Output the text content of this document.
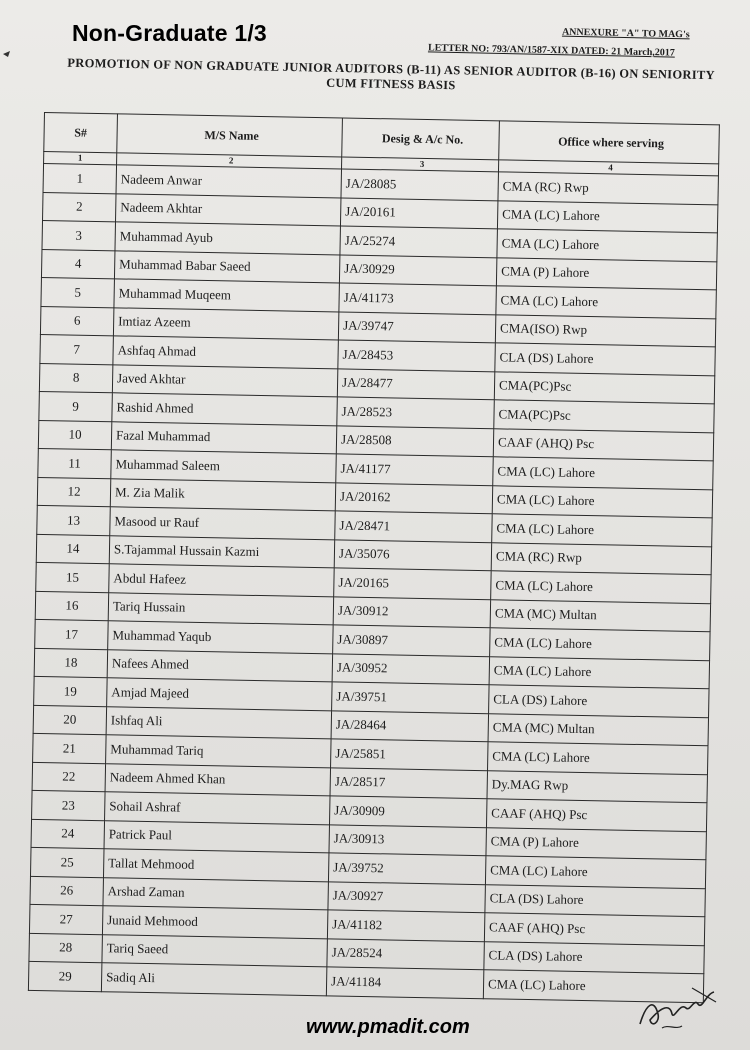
Non-Graduate 1/3	ANNEXURE "A" TO MAG's
LETTER NO: 793/AN/1587-XIX DATED: 21 March,2017
PROMOTION OF NON GRADUATE JUNIOR AUDITORS (B-11) AS SENIOR AUDITOR (B-16) ON SENIORITY CUM FITNESS BASIS
S#	M/S Name	Desig & A/c No.	Office where serving
1	2	3	4
1	Nadeem Anwar	JA/28085	CMA (RC) Rwp
2	Nadeem Akhtar	JA/20161	CMA (LC) Lahore
3	Muhammad Ayub	JA/25274	CMA (LC) Lahore
4	Muhammad Babar Saeed	JA/30929	CMA (P) Lahore
5	Muhammad Muqeem	JA/41173	CMA (LC) Lahore
6	Imtiaz Azeem	JA/39747	CMA(ISO) Rwp
7	Ashfaq Ahmad	JA/28453	CLA (DS) Lahore
8	Javed Akhtar	JA/28477	CMA(PC)Psc
9	Rashid Ahmed	JA/28523	CMA(PC)Psc
10	Fazal Muhammad	JA/28508	CAAF (AHQ) Psc
11	Muhammad Saleem	JA/41177	CMA (LC) Lahore
12	M. Zia Malik	JA/20162	CMA (LC) Lahore
13	Masood ur Rauf	JA/28471	CMA (LC) Lahore
14	S.Tajammal Hussain Kazmi	JA/35076	CMA (RC) Rwp
15	Abdul Hafeez	JA/20165	CMA (LC) Lahore
16	Tariq Hussain	JA/30912	CMA (MC) Multan
17	Muhammad Yaqub	JA/30897	CMA (LC) Lahore
18	Nafees Ahmed	JA/30952	CMA (LC) Lahore
19	Amjad Majeed	JA/39751	CLA (DS) Lahore
20	Ishfaq Ali	JA/28464	CMA (MC) Multan
21	Muhammad Tariq	JA/25851	CMA (LC) Lahore
22	Nadeem Ahmed Khan	JA/28517	Dy.MAG Rwp
23	Sohail Ashraf	JA/30909	CAAF (AHQ) Psc
24	Patrick Paul	JA/30913	CMA (P) Lahore
25	Tallat Mehmood	JA/39752	CMA (LC) Lahore
26	Arshad Zaman	JA/30927	CLA (DS) Lahore
27	Junaid Mehmood	JA/41182	CAAF (AHQ) Psc
28	Tariq Saeed	JA/28524	CLA (DS) Lahore
29	Sadiq Ali	JA/41184	CMA (LC) Lahore
www.pmadit.com
